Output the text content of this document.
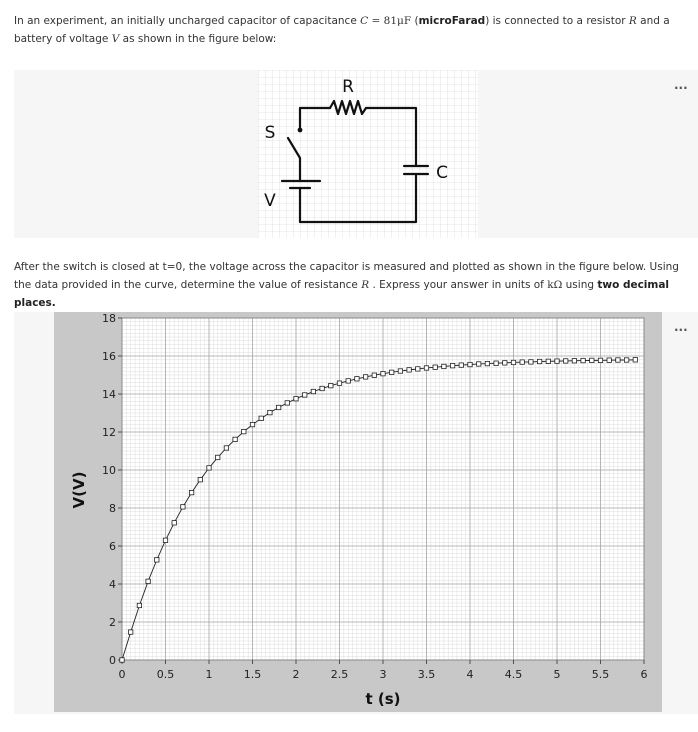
In an experiment, an initially uncharged capacitor of capacitance C = 81μF (microFarad) is connected to a resistor R and a battery of voltage V as shown in the figure below:
...
R
S
C
V
After the switch is closed at t=0, the voltage across the capacitor is measured and plotted as shown in the figure below. Using the data provided in the curve, determine the value of resistance R . Express your answer in units of kΩ using two decimal places.
...
0	0.5	1	1.5	2	2.5	3	3.5	4	4.5	5	5.5	6
0
2
4
6
8
10
12
14
16
18
t (s)
V(V)
